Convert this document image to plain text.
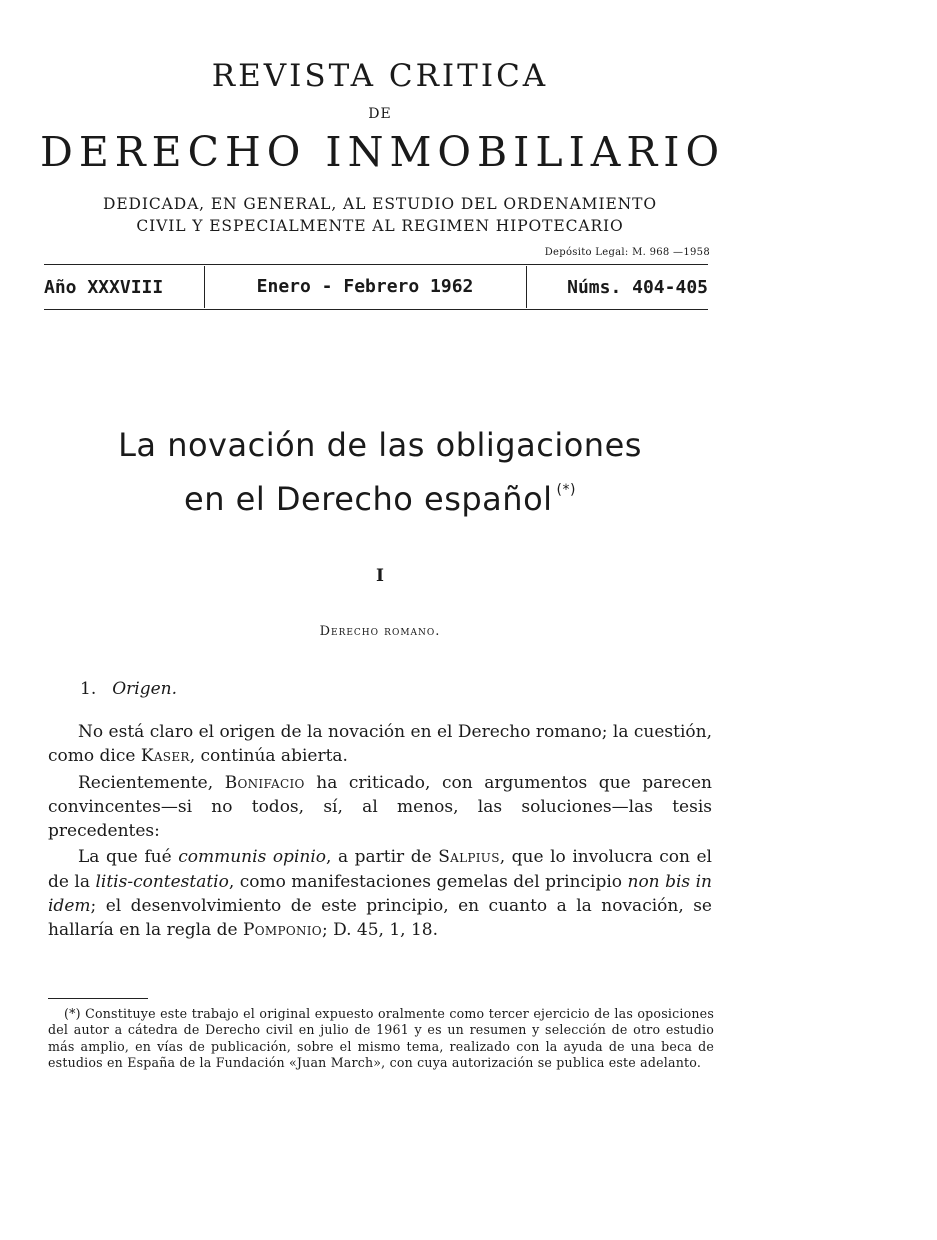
REVISTA CRITICA
DE
DERECHO INMOBILIARIO
DEDICADA, EN GENERAL, AL ESTUDIO DEL ORDENAMIENTO
CIVIL Y ESPECIALMENTE AL REGIMEN HIPOTECARIO
Depósito Legal: M. 968 —1958
Año XXXVIII	Enero - Febrero 1962	Núms. 404-405
La novación de las obligaciones
en el Derecho español (*)
I
Derecho romano.
1. Origen.

No está claro el origen de la novación en el Derecho romano; la cuestión, como dice Kaser, continúa abierta.

Recientemente, Bonifacio ha criticado, con argumentos que parecen convincentes—si no todos, sí, al menos, las soluciones—las tesis precedentes:

La que fué communis opinio, a partir de Salpius, que lo involucra con el de la litis-contestatio, como manifestaciones gemelas del principio non bis in idem; el desenvolvimiento de este principio, en cuanto a la novación, se hallaría en la regla de Pomponio; D. 45, 1, 18.

(*) Constituye este trabajo el original expuesto oralmente como tercer ejercicio de las oposiciones del autor a cátedra de Derecho civil en julio de 1961 y es un resumen y selección de otro estudio más amplio, en vías de publicación, sobre el mismo tema, realizado con la ayuda de una beca de estudios en España de la Fundación «Juan March», con cuya autorización se publica este adelanto.
